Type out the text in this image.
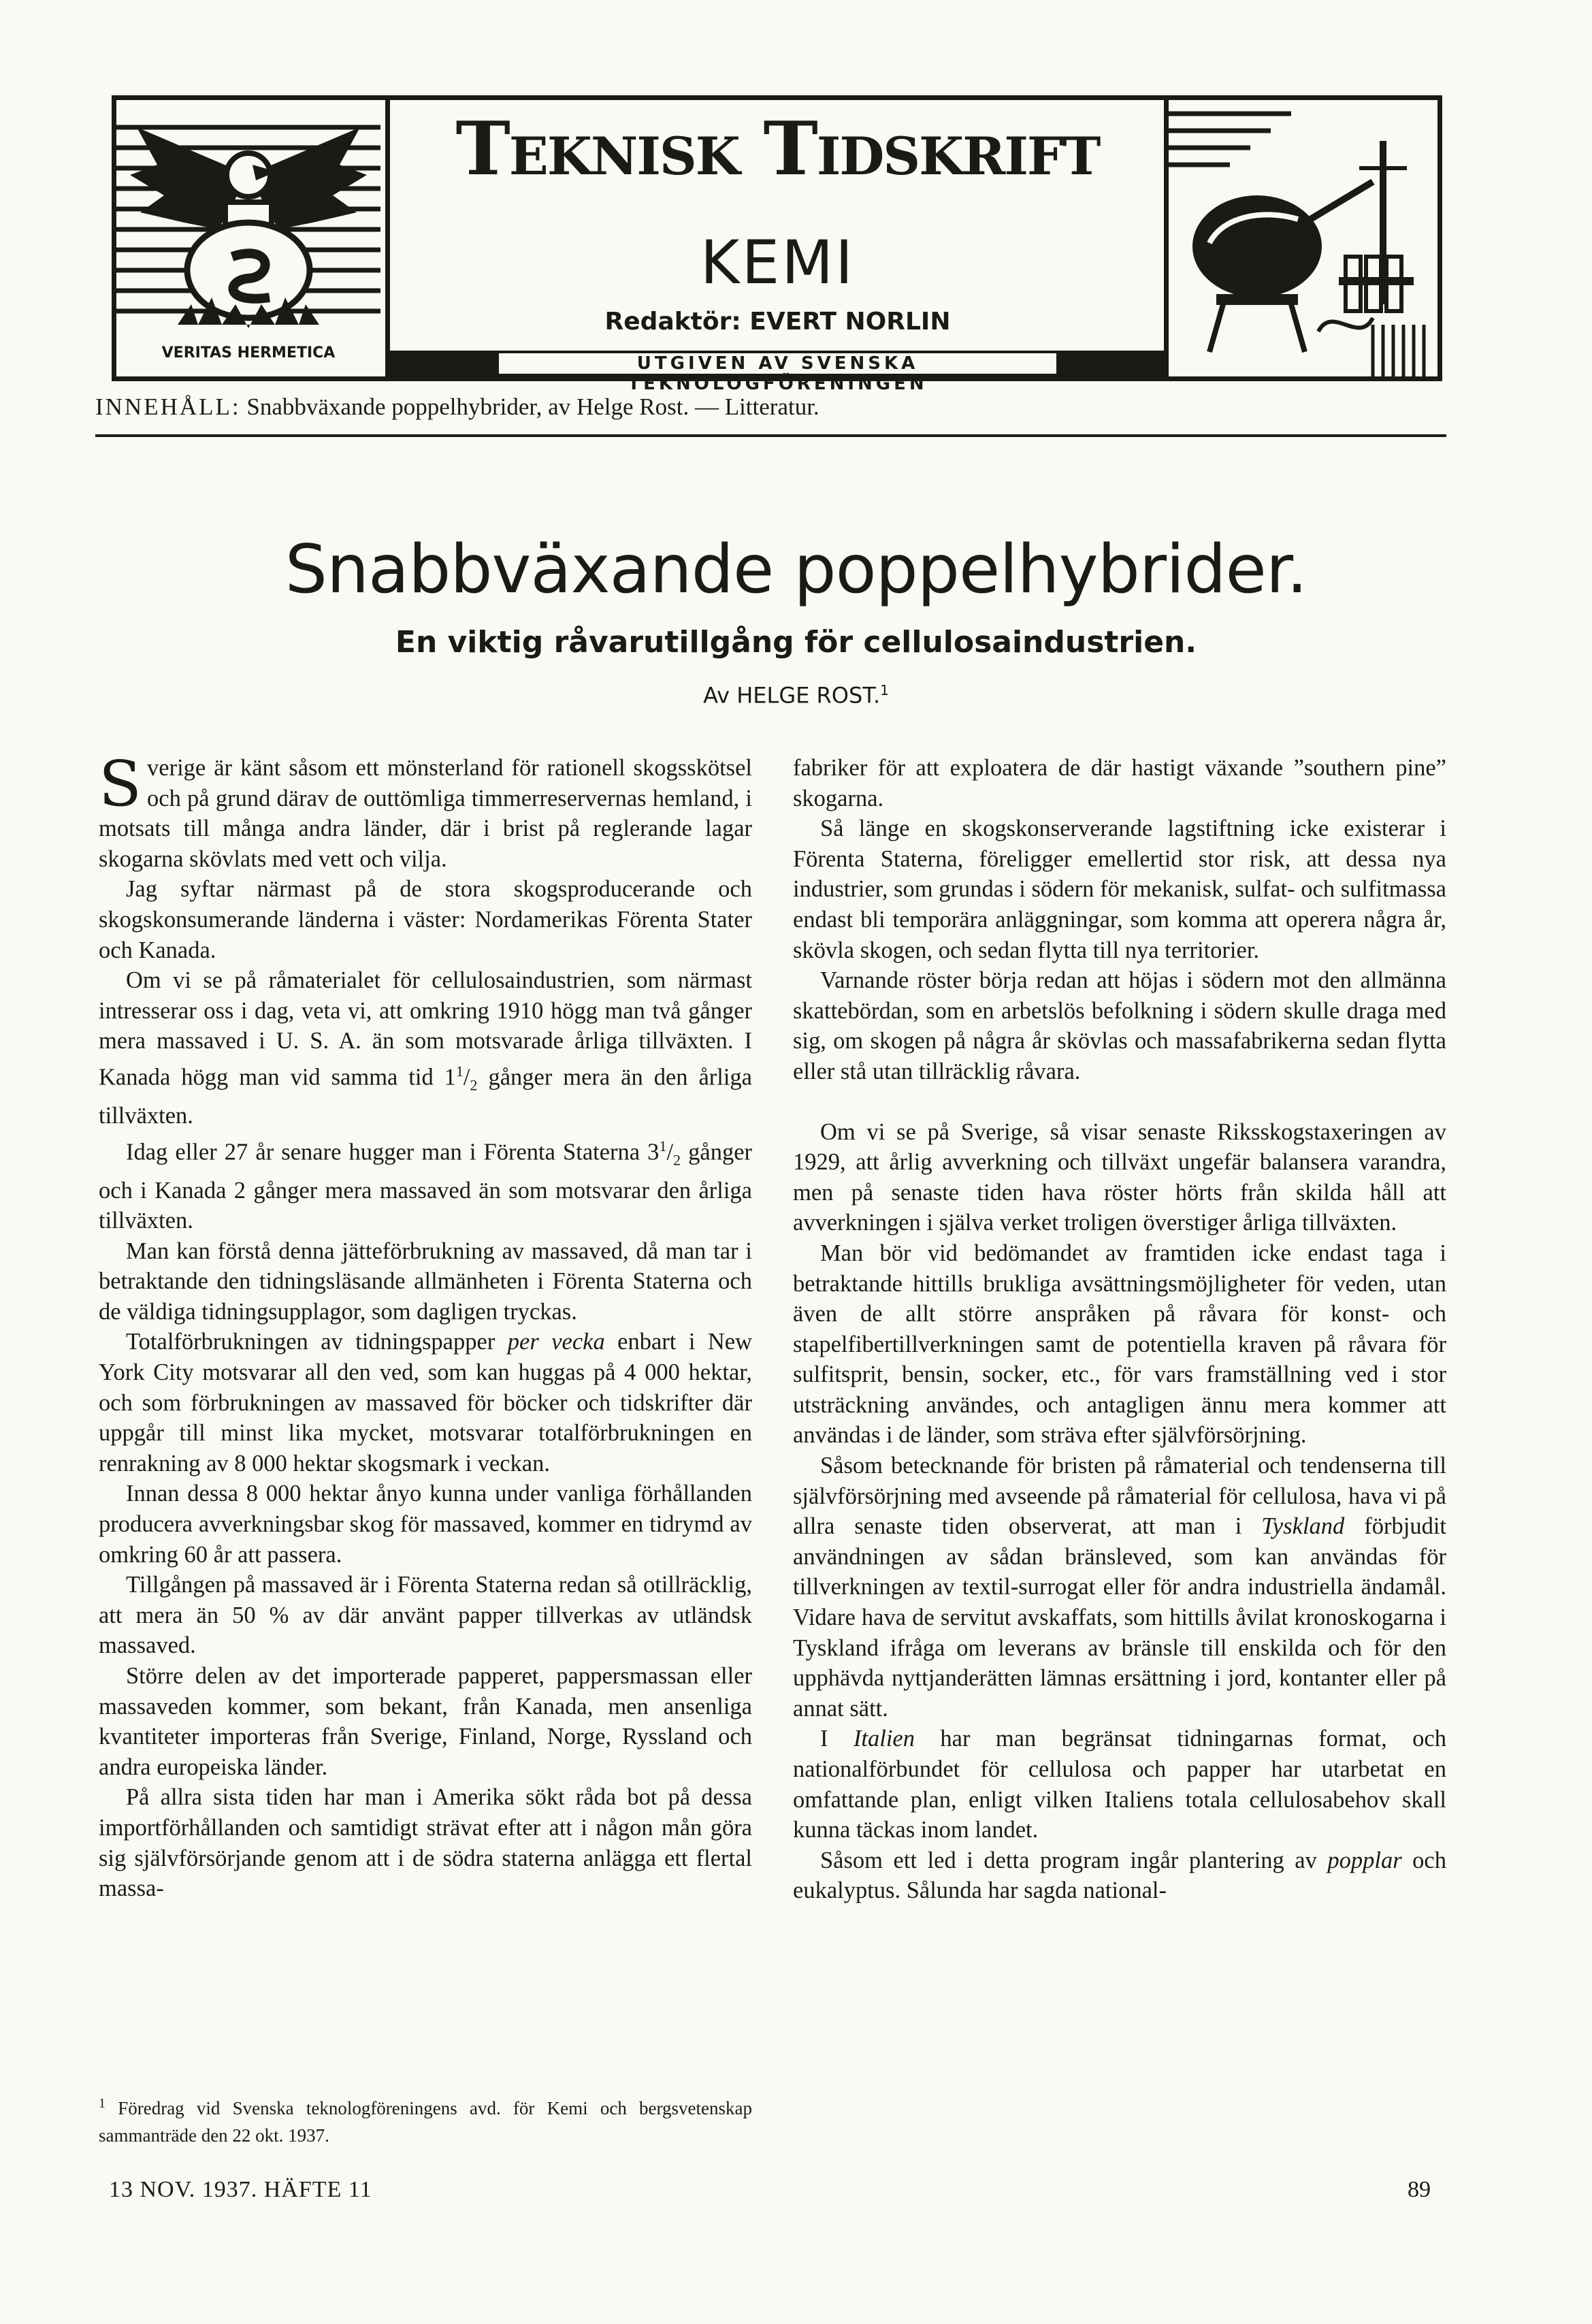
VERITAS HERMETICA
Teknisk Tidskrift
KEMI
Redaktör: EVERT NORLIN
UTGIVEN AV SVENSKA TEKNOLOGFÖRENINGEN
INNEHÅLL: Snabbväxande poppelhybrider, av Helge Rost. — Litteratur.
Snabbväxande poppelhybrider.
En viktig råvarutillgång för cellulosaindustrien.
Av HELGE ROST.$^1$

Sverige är känt såsom ett mönsterland för rationell skogsskötsel och på grund därav de outtömliga timmerreservernas hemland, i motsats till många andra länder, där i brist på reglerande lagar skogarna skövlats med vett och vilja.

Jag syftar närmast på de stora skogsproducerande och skogskonsumerande länderna i väster: Nordamerikas Förenta Stater och Kanada.

Om vi se på råmaterialet för cellulosaindustrien, som närmast intresserar oss i dag, veta vi, att omkring 1910 högg man två gånger mera massaved i U. S. A. än som motsvarade årliga tillväxten. I Kanada högg man vid samma tid $1^1/_2$ gånger mera än den årliga tillväxten.

Idag eller 27 år senare hugger man i Förenta Staterna $3^1/_2$ gånger och i Kanada 2 gånger mera massaved än som motsvarar den årliga tillväxten.

Man kan förstå denna jätteförbrukning av massaved, då man tar i betraktande den tidningsläsande allmänheten i Förenta Staterna och de väldiga tidningsupplagor, som dagligen tryckas.

Totalförbrukningen av tidningspapper per vecka enbart i New York City motsvarar all den ved, som kan huggas på 4 000 hektar, och som förbrukningen av massaved för böcker och tidskrifter där uppgår till minst lika mycket, motsvarar totalförbrukningen en renrakning av 8 000 hektar skogsmark i veckan.

Innan dessa 8 000 hektar ånyo kunna under vanliga förhållanden producera avverkningsbar skog för massaved, kommer en tidrymd av omkring 60 år att passera.

Tillgången på massaved är i Förenta Staterna redan så otillräcklig, att mera än 50 % av där använt papper tillverkas av utländsk massaved.

Större delen av det importerade papperet, pappersmassan eller massaveden kommer, som bekant, från Kanada, men ansenliga kvantiteter importeras från Sverige, Finland, Norge, Ryssland och andra europeiska länder.

På allra sista tiden har man i Amerika sökt råda bot på dessa importförhållanden och samtidigt strävat efter att i någon mån göra sig självförsörjande genom att i de södra staterna anlägga ett flertal massa-

fabriker för att exploatera de där hastigt växande ”southern pine” skogarna.

Så länge en skogskonserverande lagstiftning icke existerar i Förenta Staterna, föreligger emellertid stor risk, att dessa nya industrier, som grundas i södern för mekanisk, sulfat- och sulfitmassa endast bli temporära anläggningar, som komma att operera några år, skövla skogen, och sedan flytta till nya territorier.

Varnande röster börja redan att höjas i södern mot den allmänna skattebördan, som en arbetslös befolkning i södern skulle draga med sig, om skogen på några år skövlas och massafabrikerna sedan flytta eller stå utan tillräcklig råvara.

Om vi se på Sverige, så visar senaste Riksskogstaxeringen av 1929, att årlig avverkning och tillväxt ungefär balansera varandra, men på senaste tiden hava röster hörts från skilda håll att avverkningen i själva verket troligen överstiger årliga tillväxten.

Man bör vid bedömandet av framtiden icke endast taga i betraktande hittills brukliga avsättningsmöjligheter för veden, utan även de allt större anspråken på råvara för konst- och stapelfibertillverkningen samt de potentiella kraven på råvara för sulfitsprit, bensin, socker, etc., för vars framställning ved i stor utsträckning användes, och antagligen ännu mera kommer att användas i de länder, som sträva efter självförsörjning.

Såsom betecknande för bristen på råmaterial och tendenserna till självförsörjning med avseende på råmaterial för cellulosa, hava vi på allra senaste tiden observerat, att man i Tyskland förbjudit användningen av sådan bränsleved, som kan användas för tillverkningen av textil-surrogat eller för andra industriella ändamål. Vidare hava de servitut avskaffats, som hittills åvilat kronoskogarna i Tyskland ifråga om leverans av bränsle till enskilda och för den upphävda nyttjanderätten lämnas ersättning i jord, kontanter eller på annat sätt.

I Italien har man begränsat tidningarnas format, och nationalförbundet för cellulosa och papper har utarbetat en omfattande plan, enligt vilken Italiens totala cellulosabehov skall kunna täckas inom landet.

Såsom ett led i detta program ingår plantering av popplar och eukalyptus. Sålunda har sagda national-

$^1$ Föredrag vid Svenska teknologföreningens avd. för Kemi och bergsvetenskap sammanträde den 22 okt. 1937.
13 NOV. 1937. HÄFTE 11	89
